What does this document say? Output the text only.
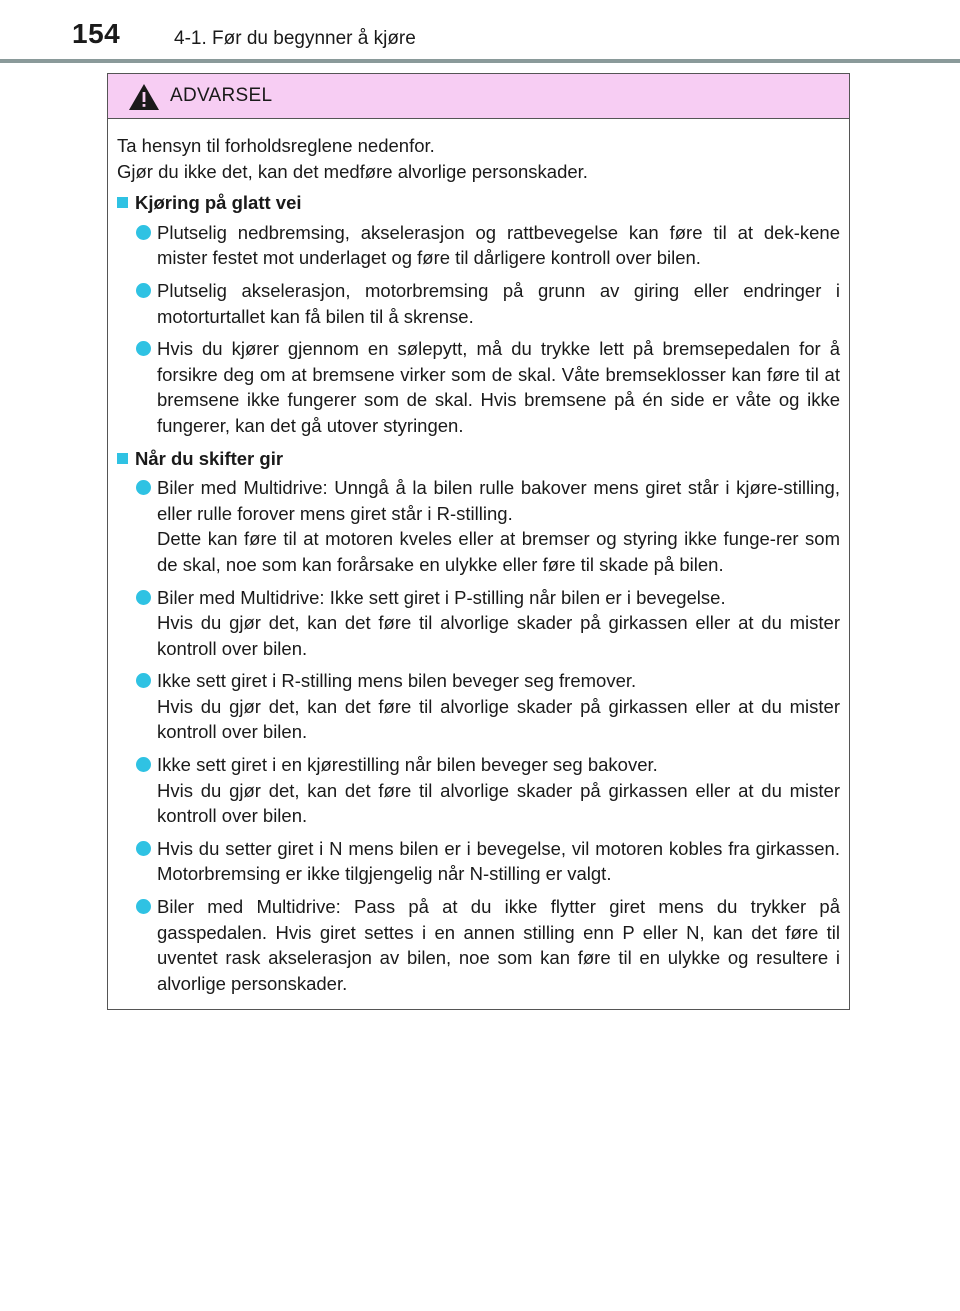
154	4-1. Før du begynner å kjøre
ADVARSEL

Ta hensyn til forholdsreglene nedenfor.

Gjør du ikke det, kan det medføre alvorlige personskader.

Kjøring på glatt vei

Plutselig nedbremsing, akselerasjon og rattbevegelse kan føre til at dek-kene mister festet mot underlaget og føre til dårligere kontroll over bilen.

Plutselig akselerasjon, motorbremsing på grunn av giring eller endringer i motorturtallet kan få bilen til å skrense.

Hvis du kjører gjennom en sølepytt, må du trykke lett på bremsepedalen for å forsikre deg om at bremsene virker som de skal. Våte bremseklosser kan føre til at bremsene ikke fungerer som de skal. Hvis bremsene på én side er våte og ikke fungerer, kan det gå utover styringen.

Når du skifter gir

Biler med Multidrive: Unngå å la bilen rulle bakover mens giret står i kjøre-stilling, eller rulle forover mens giret står i R-stilling.

Dette kan føre til at motoren kveles eller at bremser og styring ikke funge-rer som de skal, noe som kan forårsake en ulykke eller føre til skade på bilen.

Biler med Multidrive: Ikke sett giret i P-stilling når bilen er i bevegelse.

Hvis du gjør det, kan det føre til alvorlige skader på girkassen eller at du mister kontroll over bilen.

Ikke sett giret i R-stilling mens bilen beveger seg fremover.

Hvis du gjør det, kan det føre til alvorlige skader på girkassen eller at du mister kontroll over bilen.

Ikke sett giret i en kjørestilling når bilen beveger seg bakover.

Hvis du gjør det, kan det føre til alvorlige skader på girkassen eller at du mister kontroll over bilen.

Hvis du setter giret i N mens bilen er i bevegelse, vil motoren kobles fra girkassen. Motorbremsing er ikke tilgjengelig når N-stilling er valgt.

Biler med Multidrive: Pass på at du ikke flytter giret mens du trykker på gasspedalen. Hvis giret settes i en annen stilling enn P eller N, kan det føre til uventet rask akselerasjon av bilen, noe som kan føre til en ulykke og resultere i alvorlige personskader.
